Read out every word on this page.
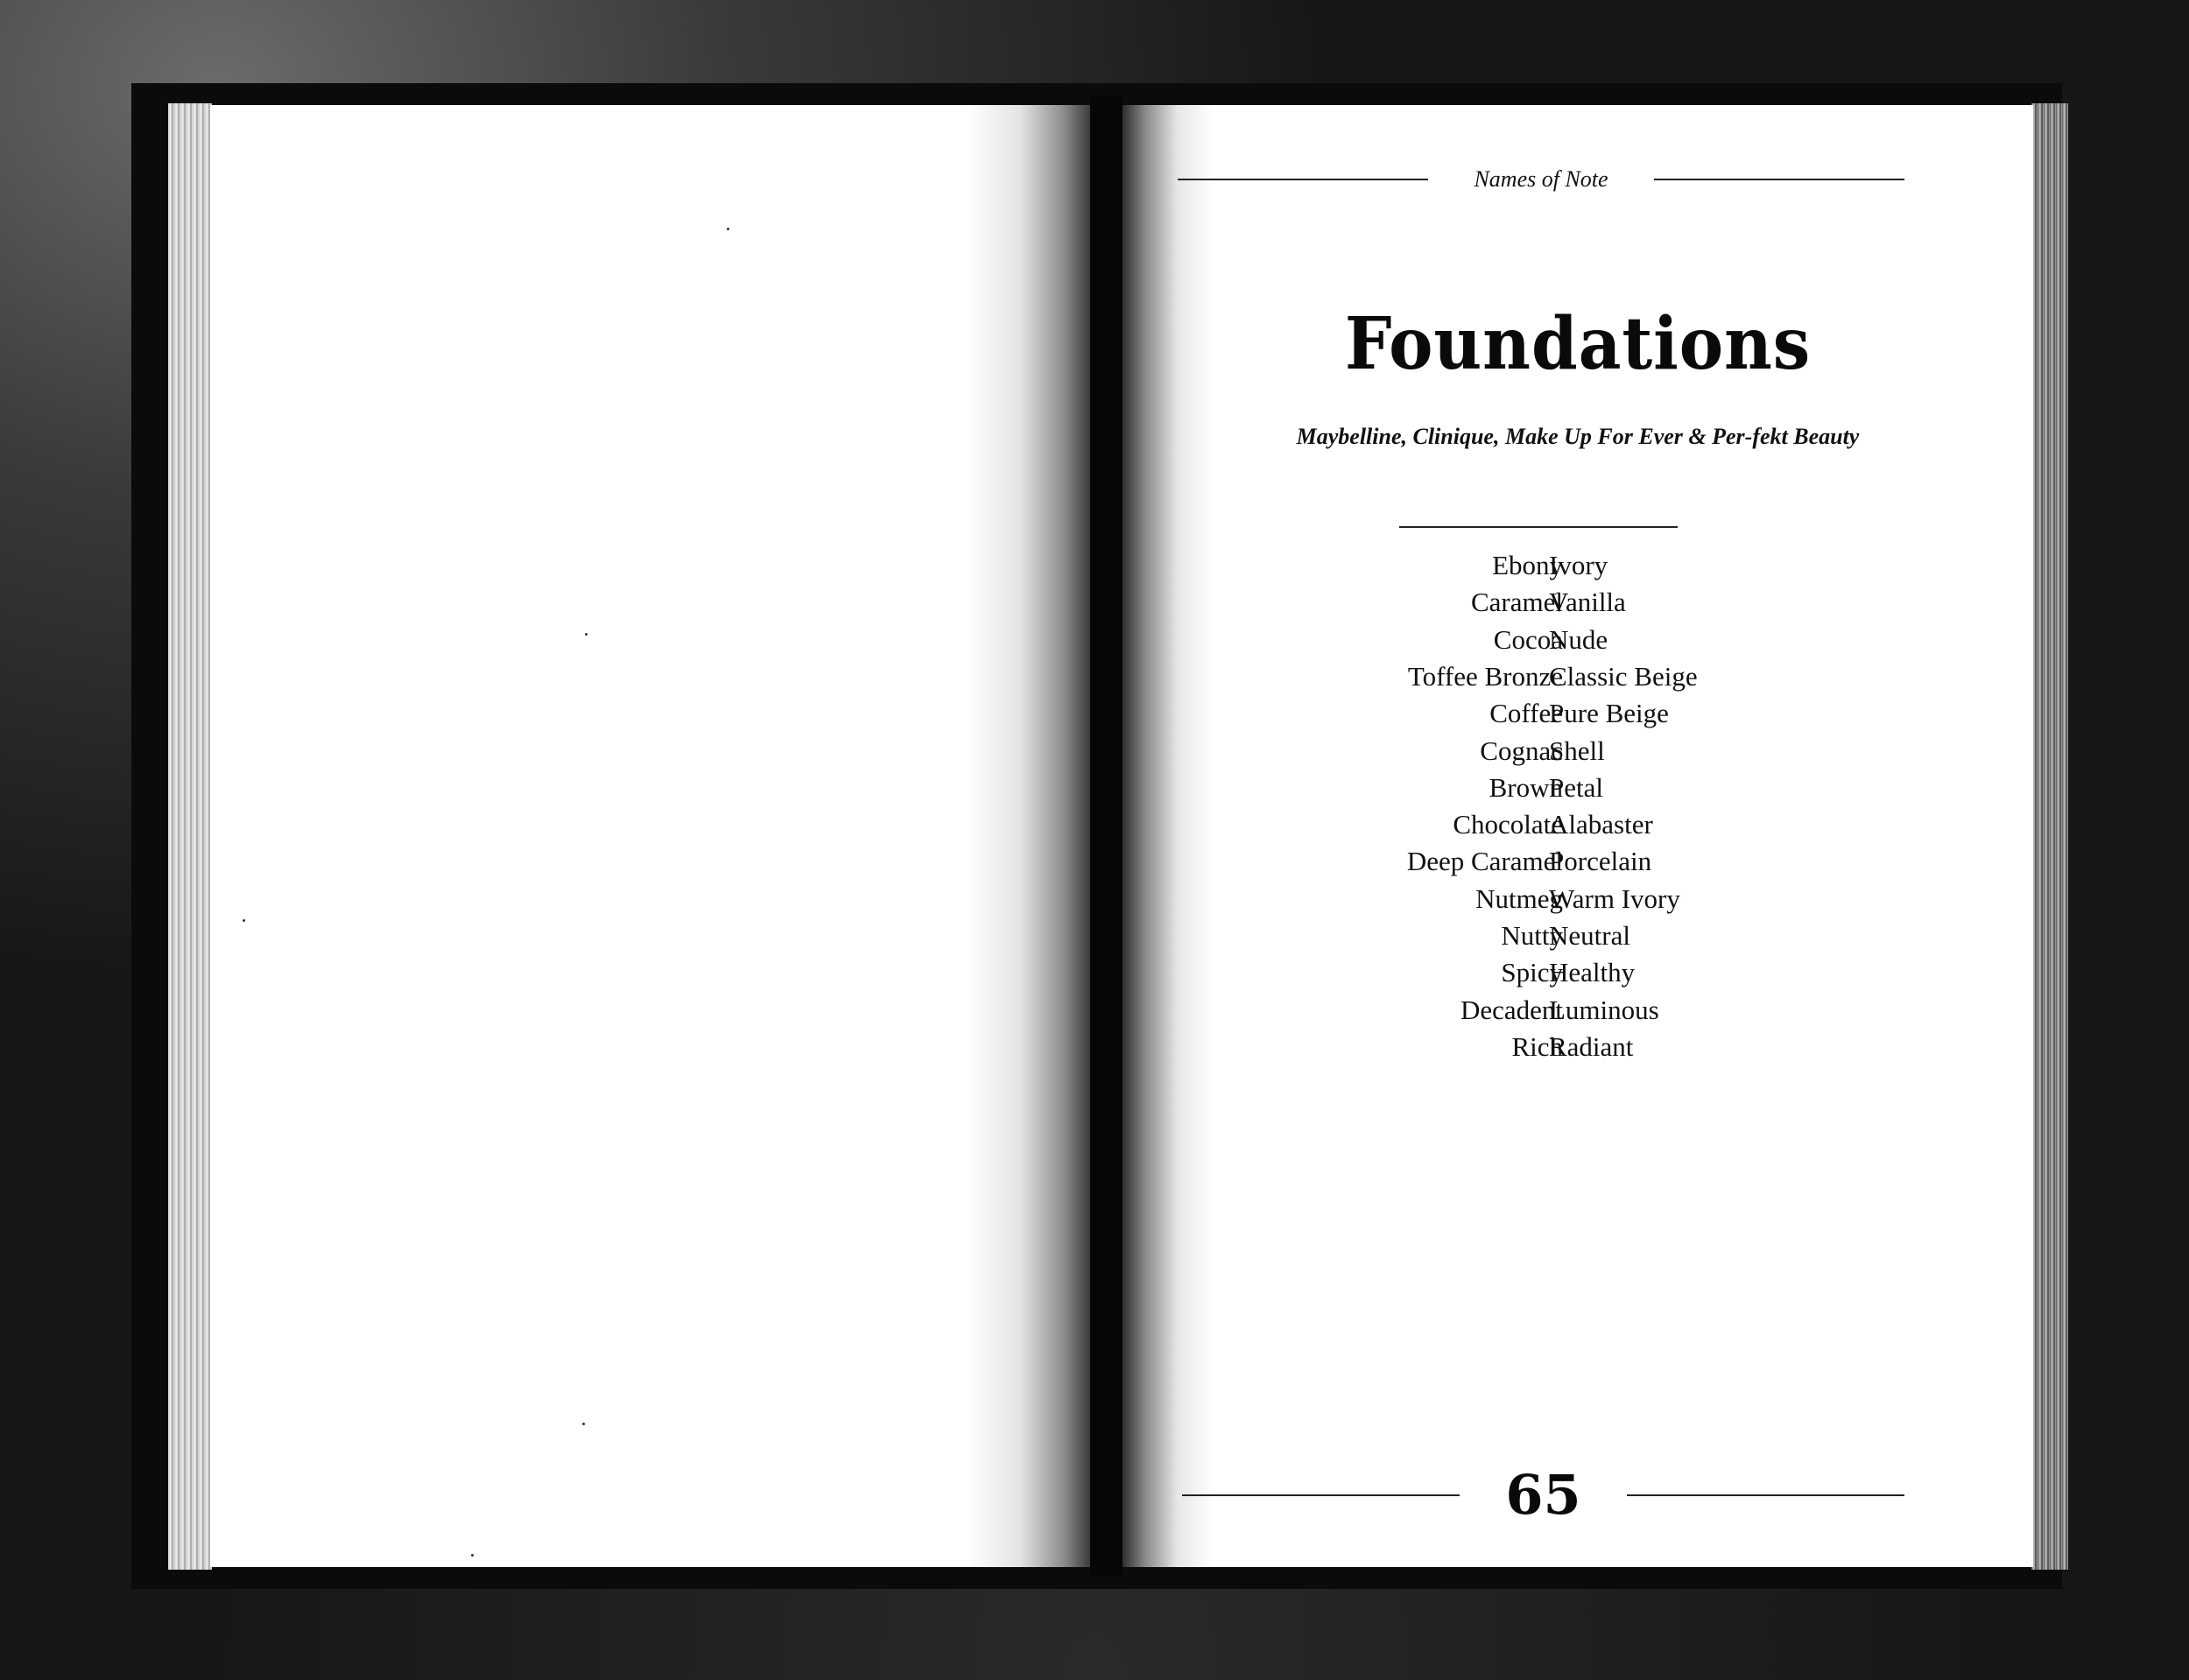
Names of Note
Foundations
Maybelline, Clinique, Make Up For Ever & Per-fekt Beauty
Ebony
Ivory
Caramel
Vanilla
Cocoa
Nude
Toffee Bronze
Classic Beige
Coffee
Pure Beige
Cognac
Shell
Brown
Petal
Chocolate
Alabaster
Deep Caramel
Porcelain
Nutmeg
Warm Ivory
Nutty
Neutral
Spicy
Healthy
Decadent
Luminous
Rich
Radiant
65
